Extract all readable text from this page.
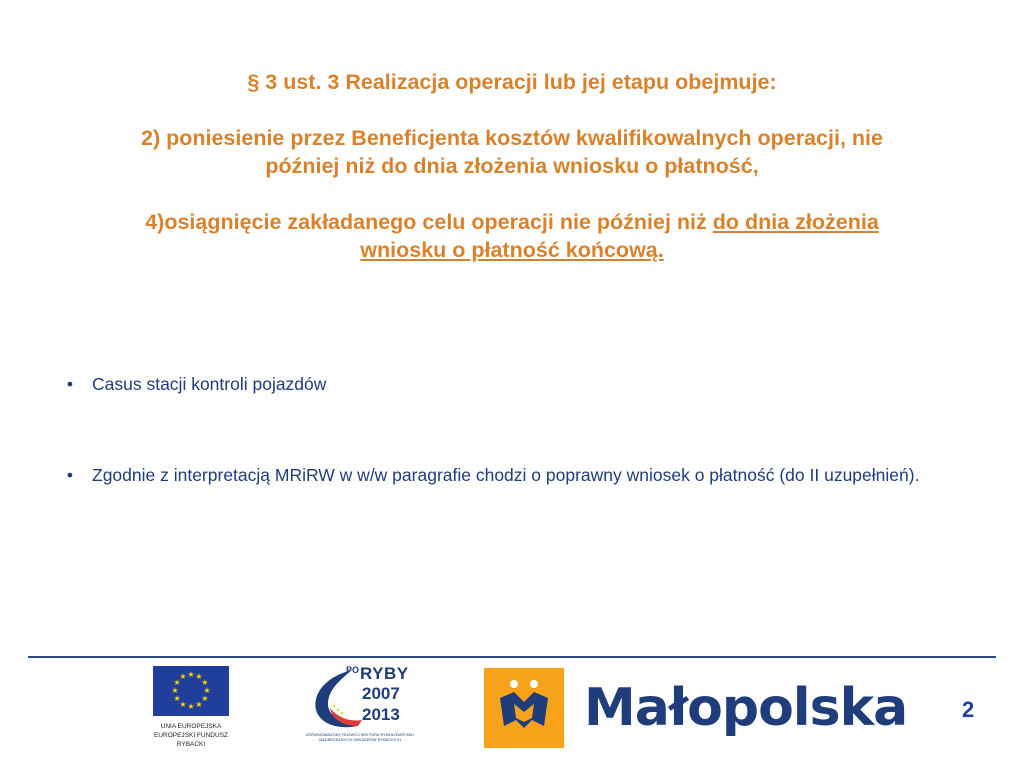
§ 3 ust. 3 Realizacja operacji lub jej etapu obejmuje:

2) poniesienie przez Beneficjenta kosztów kwalifikowalnych operacji, nie

później niż do dnia złożenia wniosku o płatność,

4)osiągnięcie zakładanego celu operacji nie później niż do dnia złożenia

wniosku o płatność końcową.

•	Casus stacji kontroli pojazdów
•	Zgodnie z interpretacją MRiRW w w/w paragrafie chodzi o poprawny wniosek o płatność (do II uzupełnień).
★ ★
★
★
★
★
★
★
★
★
★
★
UNIA EUROPEJSKA
EUROPEJSKI FUNDUSZ
RYBACKI
PO RYBY
2007
2013
ZRÓWNOWAŻONY ROZWÓJ SEKTORA RYBOŁÓWSTWA I NADBRZEŻNYCH OBSZARÓW RYBACKICH
Małopolska 2
